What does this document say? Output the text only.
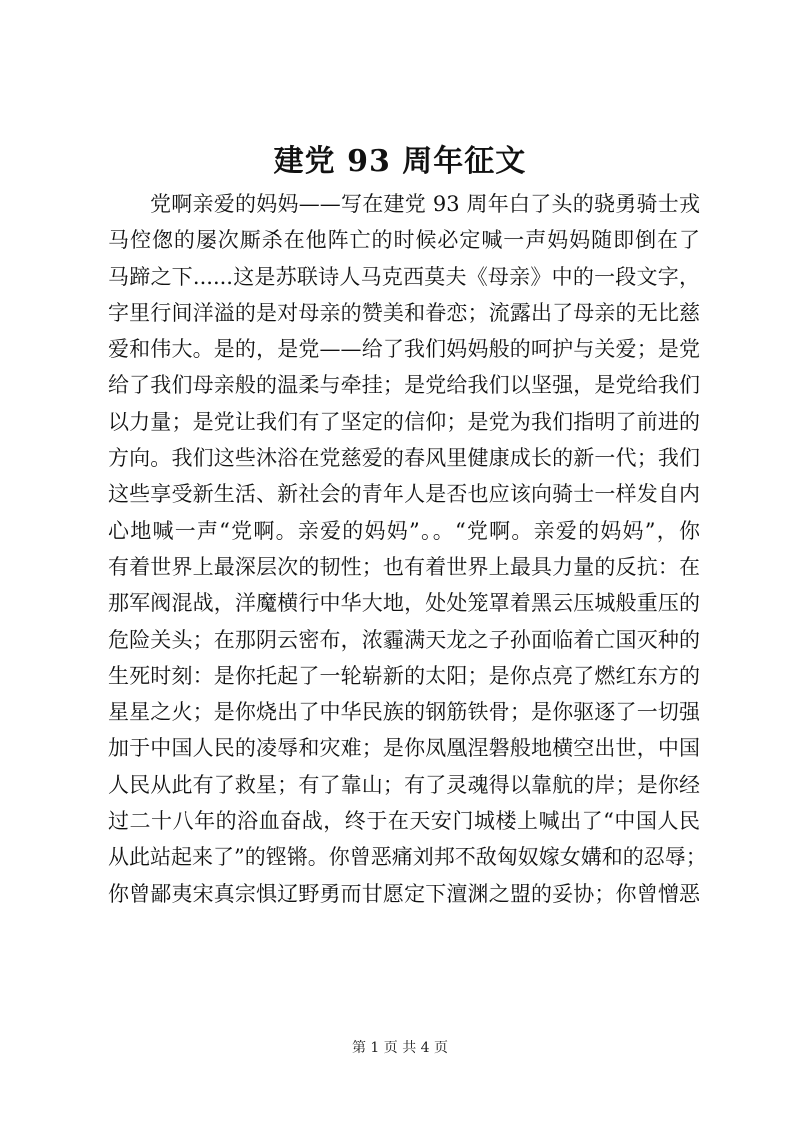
建党 93 周年征文
党啊亲爱的妈妈——写在建党 93 周年白了头的骁勇骑士戎
马倥偬的屡次厮杀在他阵亡的时候必定喊一声妈妈随即倒在了
马蹄之下......这是苏联诗人马克西莫夫《母亲》中的一段文字，
字里行间洋溢的是对母亲的赞美和眷恋；流露出了母亲的无比慈
爱和伟大。是的，是党——给了我们妈妈般的呵护与关爱；是党
给了我们母亲般的温柔与牵挂；是党给我们以坚强，是党给我们
以力量；是党让我们有了坚定的信仰；是党为我们指明了前进的
方向。我们这些沐浴在党慈爱的春风里健康成长的新一代；我们
这些享受新生活、新社会的青年人是否也应该向骑士一样发自内
心地喊一声“党啊。亲爱的妈妈”。。“党啊。亲爱的妈妈”，你
有着世界上最深层次的韧性；也有着世界上最具力量的反抗：在
那军阀混战，洋魔横行中华大地，处处笼罩着黑云压城般重压的
危险关头；在那阴云密布，浓霾满天龙之子孙面临着亡国灭种的
生死时刻：是你托起了一轮崭新的太阳；是你点亮了燃红东方的
星星之火；是你烧出了中华民族的钢筋铁骨；是你驱逐了一切强
加于中国人民的凌辱和灾难；是你凤凰涅磐般地横空出世，中国
人民从此有了救星；有了靠山；有了灵魂得以靠航的岸；是你经
过二十八年的浴血奋战，终于在天安门城楼上喊出了“中国人民
从此站起来了”的铿锵。你曾恶痛刘邦不敌匈奴嫁女媾和的忍辱；
你曾鄙夷宋真宗惧辽野勇而甘愿定下澶渊之盟的妥协；你曾憎恶
第 1 页 共 4 页
